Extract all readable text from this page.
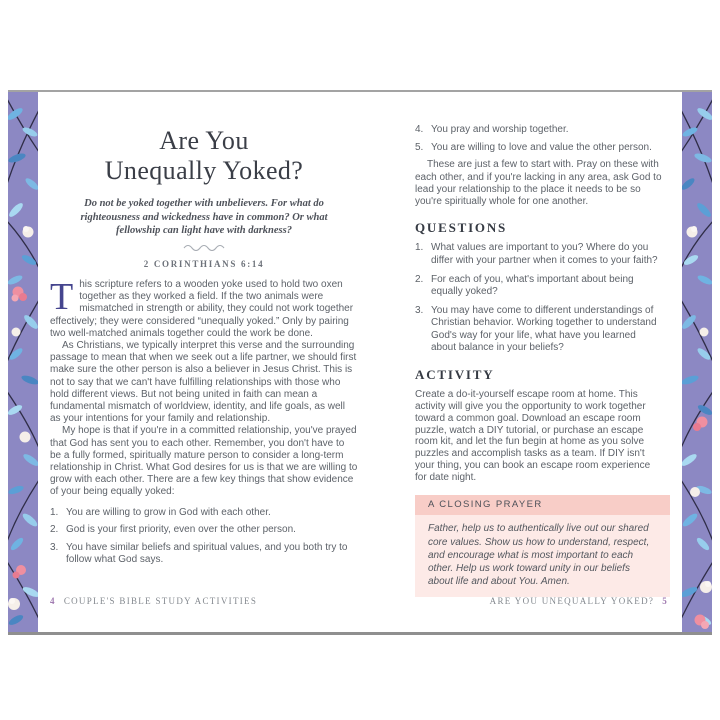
Are You
Unequally Yoked?

Do not be yoked together with unbelievers. For what do righteousness and wickedness have in common? Or what fellowship can light have with darkness?

2 CORINTHIANS 6:14

This scripture refers to a wooden yoke used to hold two oxen together as they worked a field. If the two animals were mismatched in strength or ability, they could not work together effectively; they were considered “unequally yoked.” Only by pairing two well-matched animals together could the work be done.

As Christians, we typically interpret this verse and the surrounding passage to mean that when we seek out a life partner, we should first make sure the other person is also a believer in Jesus Christ. This is not to say that we can't have fulfilling relationships with those who hold different views. But not being united in faith can mean a fundamental mismatch of worldview, identity, and life goals, as well as your intentions for your family and relationship.

My hope is that if you're in a committed relationship, you've prayed that God has sent you to each other. Remember, you don't have to be a fully formed, spiritually mature person to consider a long-term relationship in Christ. What God desires for us is that we are willing to grow with each other. There are a few key things that show evidence of your being equally yoked:

1. You are willing to grow in God with each other.
2. God is your first priority, even over the other person.
3. You have similar beliefs and spiritual values, and you both try to follow what God says.
4. You pray and worship together.
5. You are willing to love and value the other person.

These are just a few to start with. Pray on these with each other, and if you're lacking in any area, ask God to lead your relationship to the place it needs to be so you're spiritually whole for one another.

QUESTIONS
1. What values are important to you? Where do you differ with your partner when it comes to your faith?
2. For each of you, what's important about being equally yoked?
3. You may have come to different understandings of Christian behavior. Working together to understand God's way for your life, what have you learned about balance in your beliefs?
ACTIVITY

Create a do-it-yourself escape room at home. This activity will give you the opportunity to work together toward a common goal. Download an escape room puzzle, watch a DIY tutorial, or purchase an escape room kit, and let the fun begin at home as you solve puzzles and accomplish tasks as a team. If DIY isn't your thing, you can book an escape room experience for date night.

A CLOSING PRAYER
Father, help us to authentically live out our shared core values. Show us how to understand, respect, and encourage what is most important to each other. Help us work toward unity in our beliefs about life and about You. Amen.
4 COUPLE'S BIBLE STUDY ACTIVITIES	ARE YOU UNEQUALLY YOKED? 5
